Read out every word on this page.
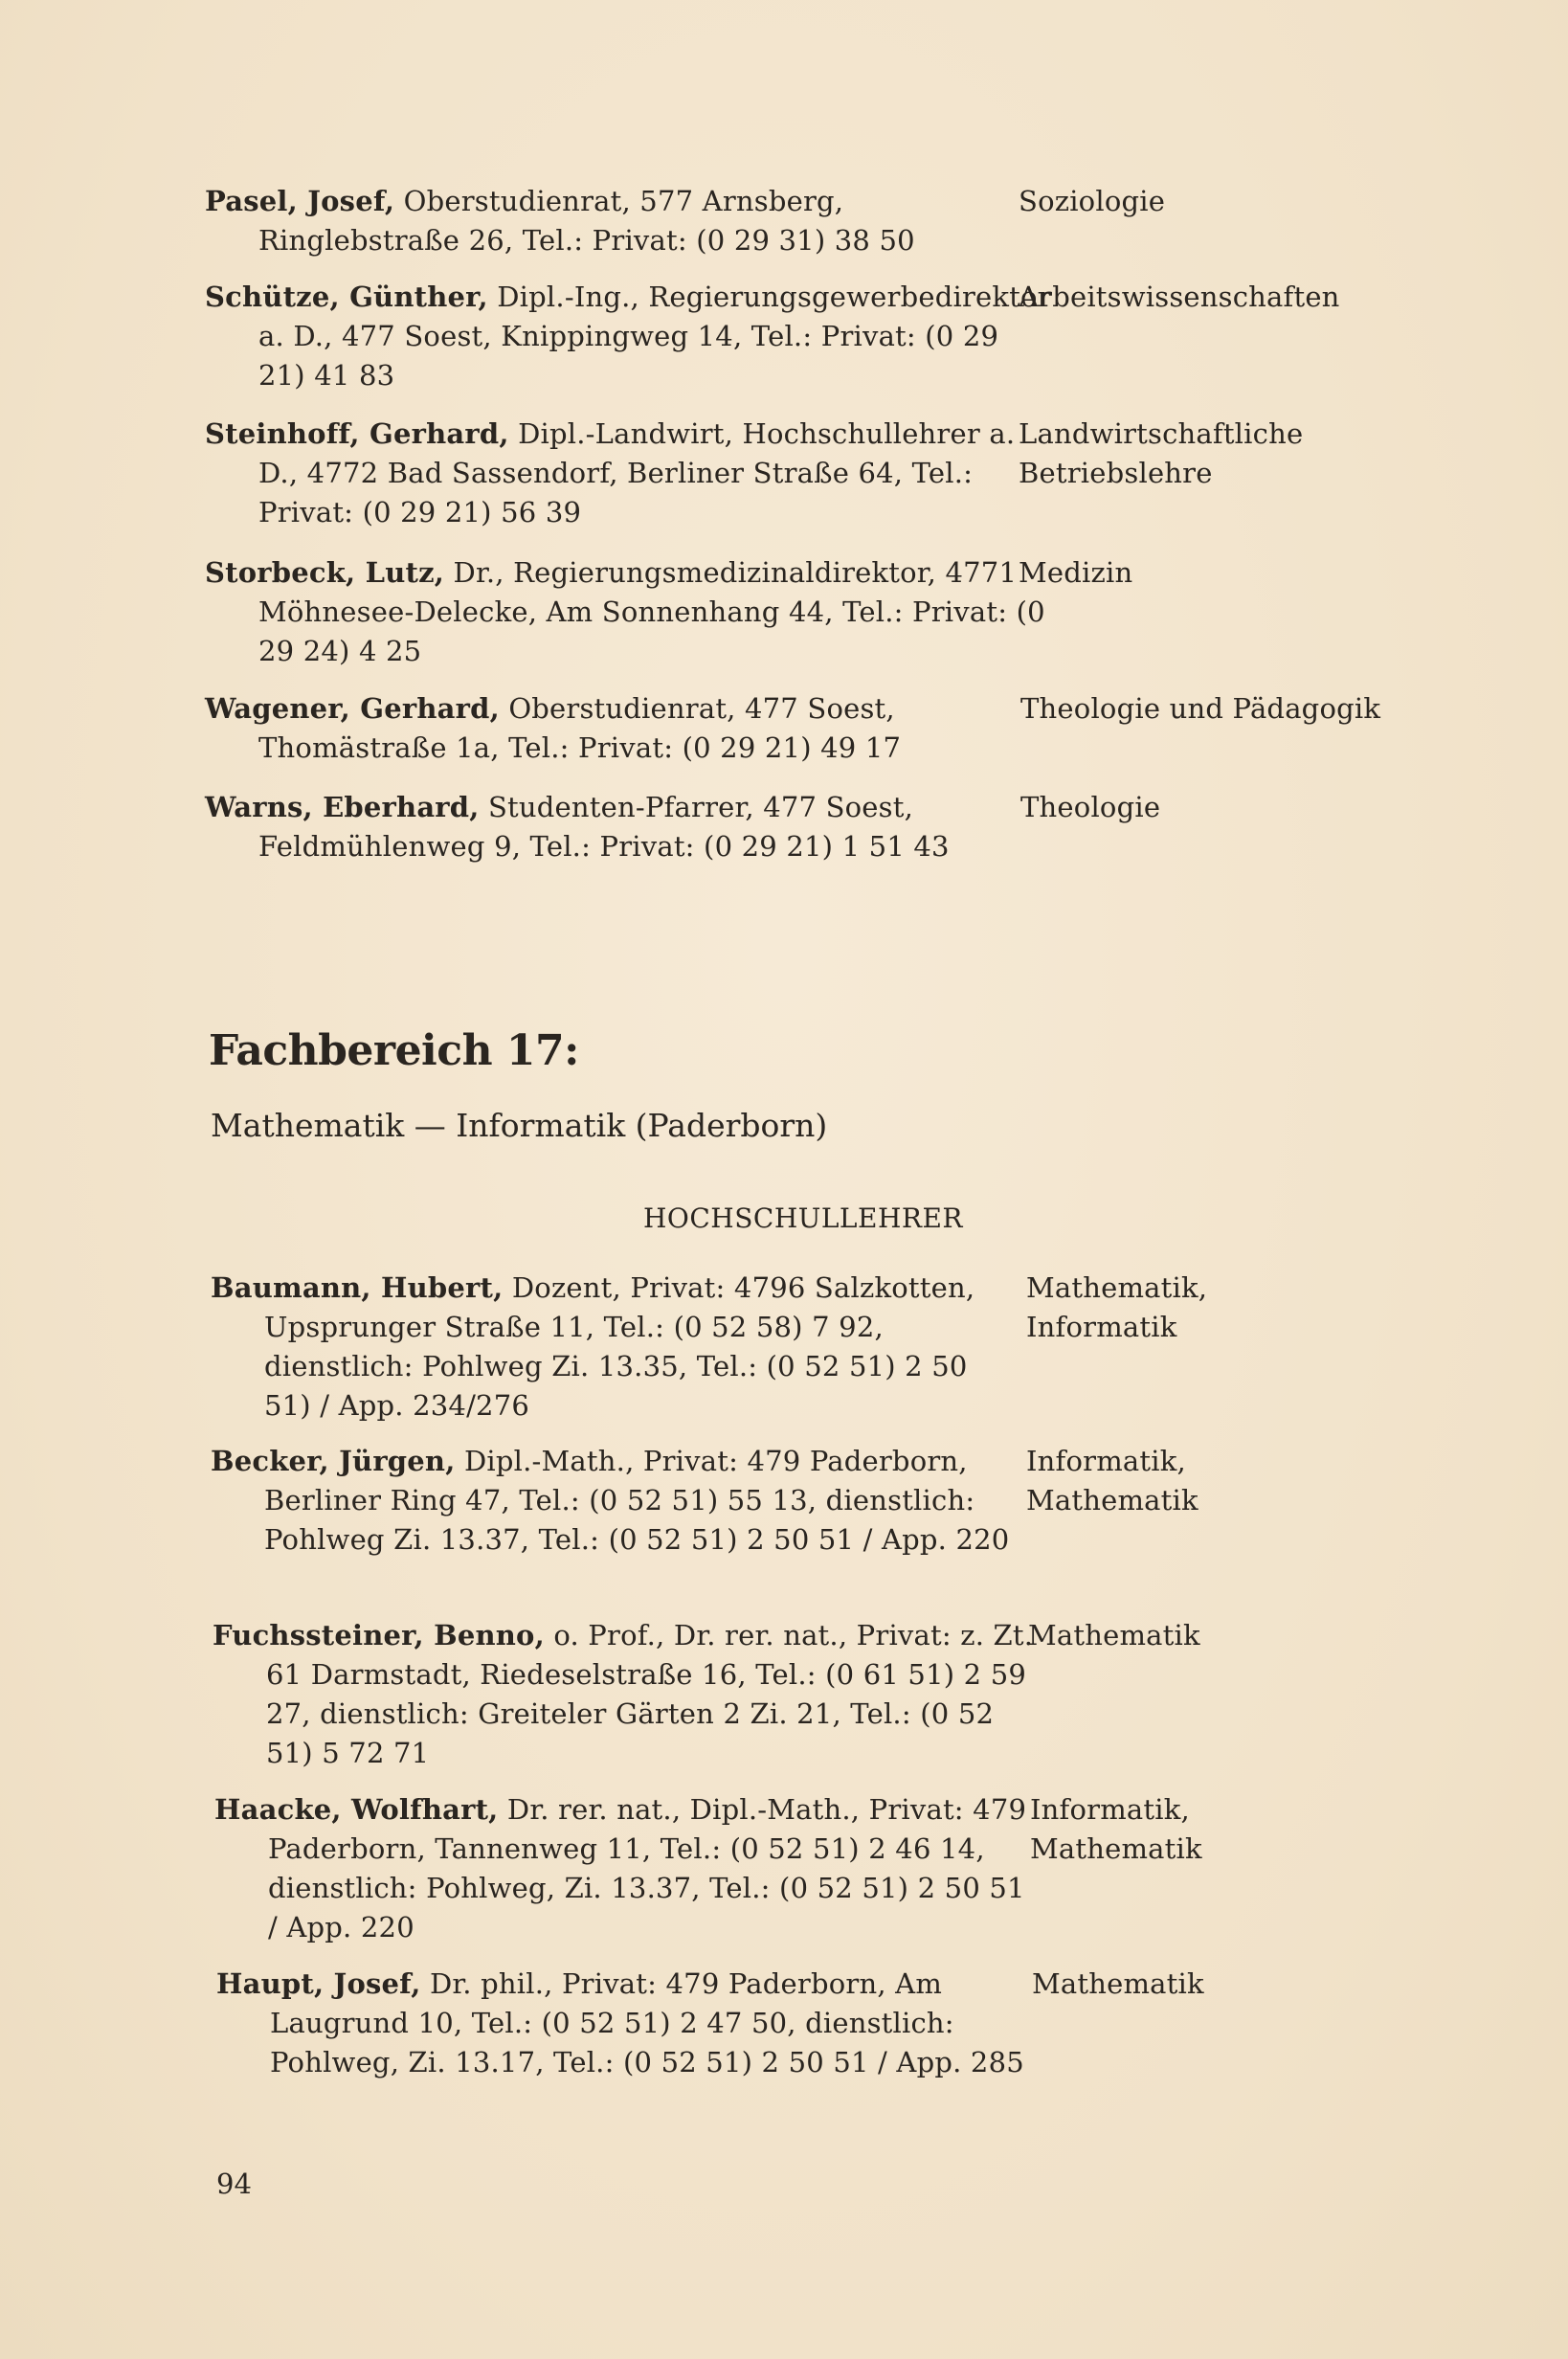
Pasel, Josef, Oberstudienrat, 577 Arnsberg, Ringlebstraße 26, Tel.: Privat: (0 29 31) 38 50
Soziologie
Schütze, Günther, Dipl.-Ing., Regierungsgewerbedirektor a. D., 477 Soest, Knippingweg 14, Tel.: Privat: (0 29 21) 41 83
Arbeitswissenschaften
Steinhoff, Gerhard, Dipl.-Landwirt, Hochschullehrer a. D., 4772 Bad Sassendorf, Berliner Straße 64, Tel.: Privat: (0 29 21) 56 39
Landwirtschaftliche Betriebslehre
Storbeck, Lutz, Dr., Regierungsmedizinaldirektor, 4771 Möhnesee-Delecke, Am Sonnenhang 44, Tel.: Privat: (0 29 24) 4 25
Medizin
Wagener, Gerhard, Oberstudienrat, 477 Soest, Thomästraße 1a, Tel.: Privat: (0 29 21) 49 17
Theologie und Pädagogik
Warns, Eberhard, Studenten-Pfarrer, 477 Soest, Feldmühlenweg 9, Tel.: Privat: (0 29 21) 1 51 43
Theologie
Fachbereich 17:
Mathematik — Informatik (Paderborn)
HOCHSCHULLEHRER
Baumann, Hubert, Dozent, Privat: 4796 Salzkotten, Upsprunger Straße 11, Tel.: (0 52 58) 7 92, dienstlich: Pohlweg Zi. 13.35, Tel.: (0 52 51) 2 50 51) / App. 234/276
Mathematik, Informatik
Becker, Jürgen, Dipl.-Math., Privat: 479 Paderborn, Berliner Ring 47, Tel.: (0 52 51) 55 13, dienstlich: Pohlweg Zi. 13.37, Tel.: (0 52 51) 2 50 51 / App. 220
Informatik, Mathematik
Fuchssteiner, Benno, o. Prof., Dr. rer. nat., Privat: z. Zt. 61 Darmstadt, Riedeselstraße 16, Tel.: (0 61 51) 2 59 27, dienstlich: Greiteler Gärten 2 Zi. 21, Tel.: (0 52 51) 5 72 71
Mathematik
Haacke, Wolfhart, Dr. rer. nat., Dipl.-Math., Privat: 479 Paderborn, Tannenweg 11, Tel.: (0 52 51) 2 46 14, dienstlich: Pohlweg, Zi. 13.37, Tel.: (0 52 51) 2 50 51 / App. 220
Informatik, Mathematik
Haupt, Josef, Dr. phil., Privat: 479 Paderborn, Am Laugrund 10, Tel.: (0 52 51) 2 47 50, dienstlich: Pohlweg, Zi. 13.17, Tel.: (0 52 51) 2 50 51 / App. 285
Mathematik
94
